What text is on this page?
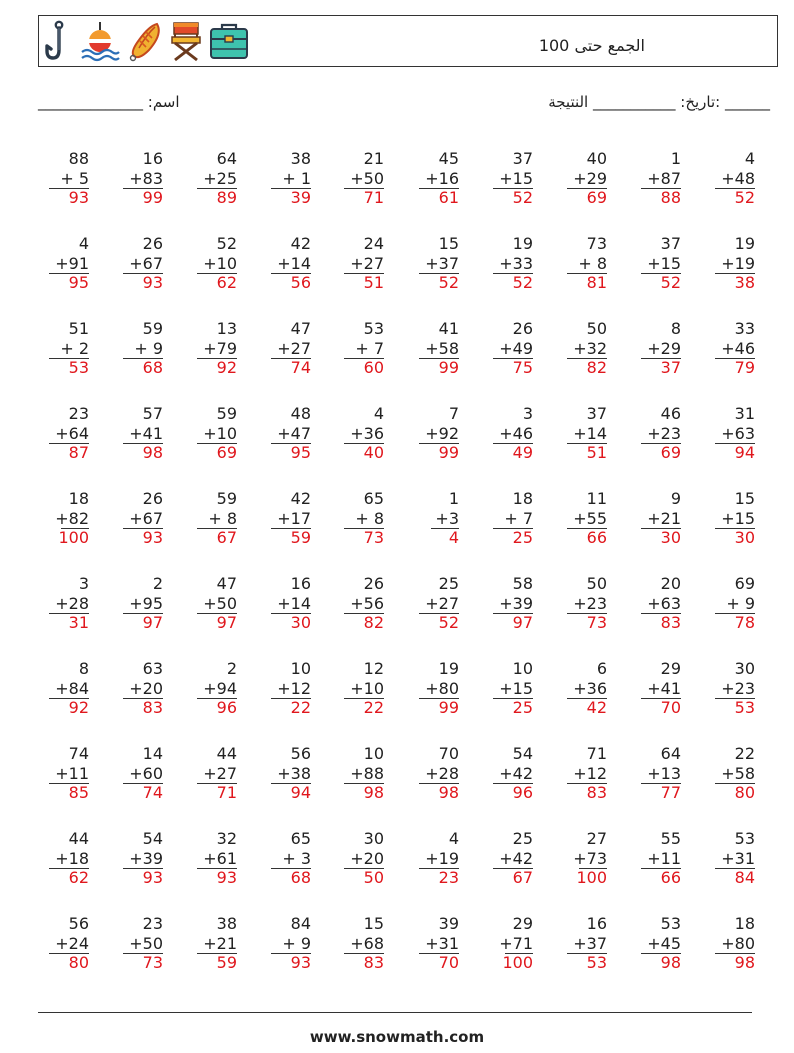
الجمع حتى 100
اسم: ______________	______ :تاريخ: ___________ النتيجة
88
+ 5
93
16
+83
99
64
+25
89
38
+ 1
39
21
+50
71
45
+16
61
37
+15
52
40
+29
69
1
+87
88
4
+48
52
4
+91
95
26
+67
93
52
+10
62
42
+14
56
24
+27
51
15
+37
52
19
+33
52
73
+ 8
81
37
+15
52
19
+19
38
51
+ 2
53
59
+ 9
68
13
+79
92
47
+27
74
53
+ 7
60
41
+58
99
26
+49
75
50
+32
82
8
+29
37
33
+46
79
23
+64
87
57
+41
98
59
+10
69
48
+47
95
4
+36
40
7
+92
99
3
+46
49
37
+14
51
46
+23
69
31
+63
94
18
+82
100
26
+67
93
59
+ 8
67
42
+17
59
65
+ 8
73
1
+3
4
18
+ 7
25
11
+55
66
9
+21
30
15
+15
30
3
+28
31
2
+95
97
47
+50
97
16
+14
30
26
+56
82
25
+27
52
58
+39
97
50
+23
73
20
+63
83
69
+ 9
78
8
+84
92
63
+20
83
2
+94
96
10
+12
22
12
+10
22
19
+80
99
10
+15
25
6
+36
42
29
+41
70
30
+23
53
74
+11
85
14
+60
74
44
+27
71
56
+38
94
10
+88
98
70
+28
98
54
+42
96
71
+12
83
64
+13
77
22
+58
80
44
+18
62
54
+39
93
32
+61
93
65
+ 3
68
30
+20
50
4
+19
23
25
+42
67
27
+73
100
55
+11
66
53
+31
84
56
+24
80
23
+50
73
38
+21
59
84
+ 9
93
15
+68
83
39
+31
70
29
+71
100
16
+37
53
53
+45
98
18
+80
98
www.snowmath.com
